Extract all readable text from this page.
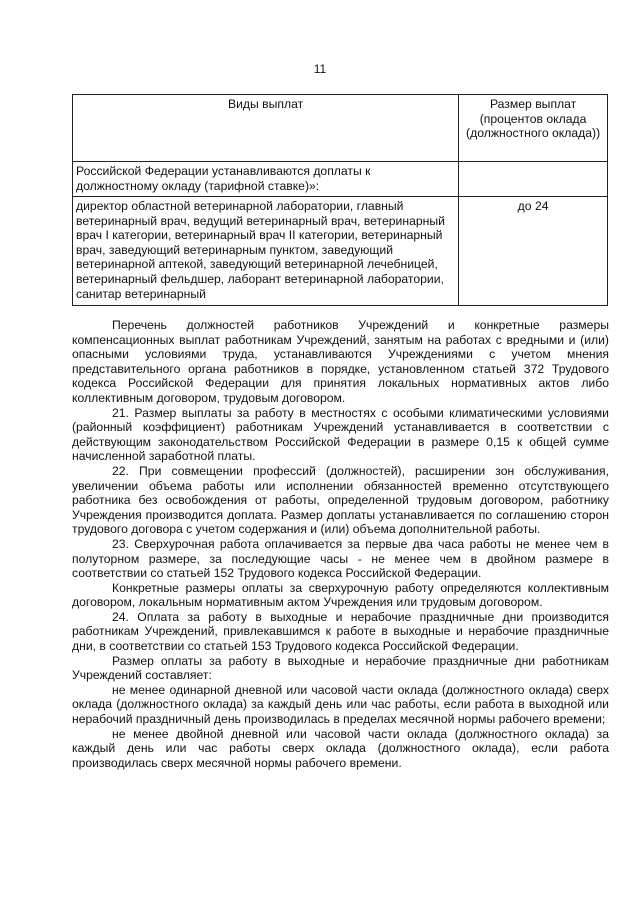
11
Виды выплат	Размер выплат (процентов оклада (должностного оклада))
Российской Федерации устанавливаются доплаты к должностному окладу (тарифной ставке)»:	
директор областной ветеринарной лаборатории, главный ветеринарный врач, ведущий ветеринарный врач, ветеринарный врач I категории, ветеринарный врач II категории, ветеринарный врач, заведующий ветеринарным пунктом, заведующий ветеринарной аптекой, заведующий ветеринарной лечебницей, ветеринарный фельдшер, лаборант ветеринарной лаборатории, санитар ветеринарный	до 24

Перечень должностей работников Учреждений и конкретные размеры компенсационных выплат работникам Учреждений, занятым на работах с вредными и (или) опасными условиями труда, устанавливаются Учреждениями с учетом мнения представительного органа работников в порядке, установленном статьей 372 Трудового кодекса Российской Федерации для принятия локальных нормативных актов либо коллективным договором, трудовым договором.

21. Размер выплаты за работу в местностях с особыми климатическими условиями (районный коэффициент) работникам Учреждений устанавливается в соответствии с действующим законодательством Российской Федерации в размере 0,15 к общей сумме начисленной заработной платы.

22. При совмещении профессий (должностей), расширении зон обслуживания, увеличении объема работы или исполнении обязанностей временно отсутствующего работника без освобождения от работы, определенной трудовым договором, работнику Учреждения производится доплата. Размер доплаты устанавливается по соглашению сторон трудового договора с учетом содержания и (или) объема дополнительной работы.

23. Сверхурочная работа оплачивается за первые два часа работы не менее чем в полуторном размере, за последующие часы - не менее чем в двойном размере в соответствии со статьей 152 Трудового кодекса Российской Федерации.

Конкретные размеры оплаты за сверхурочную работу определяются коллективным договором, локальным нормативным актом Учреждения или трудовым договором.

24. Оплата за работу в выходные и нерабочие праздничные дни производится работникам Учреждений, привлекавшимся к работе в выходные и нерабочие праздничные дни, в соответствии со статьей 153 Трудового кодекса Российской Федерации.

Размер оплаты за работу в выходные и нерабочие праздничные дни работникам Учреждений составляет:

не менее одинарной дневной или часовой части оклада (должностного оклада) сверх оклада (должностного оклада) за каждый день или час работы, если работа в выходной или нерабочий праздничный день производилась в пределах месячной нормы рабочего времени;

не менее двойной дневной или часовой части оклада (должностного оклада) за каждый день или час работы сверх оклада (должностного оклада), если работа производилась сверх месячной нормы рабочего времени.
